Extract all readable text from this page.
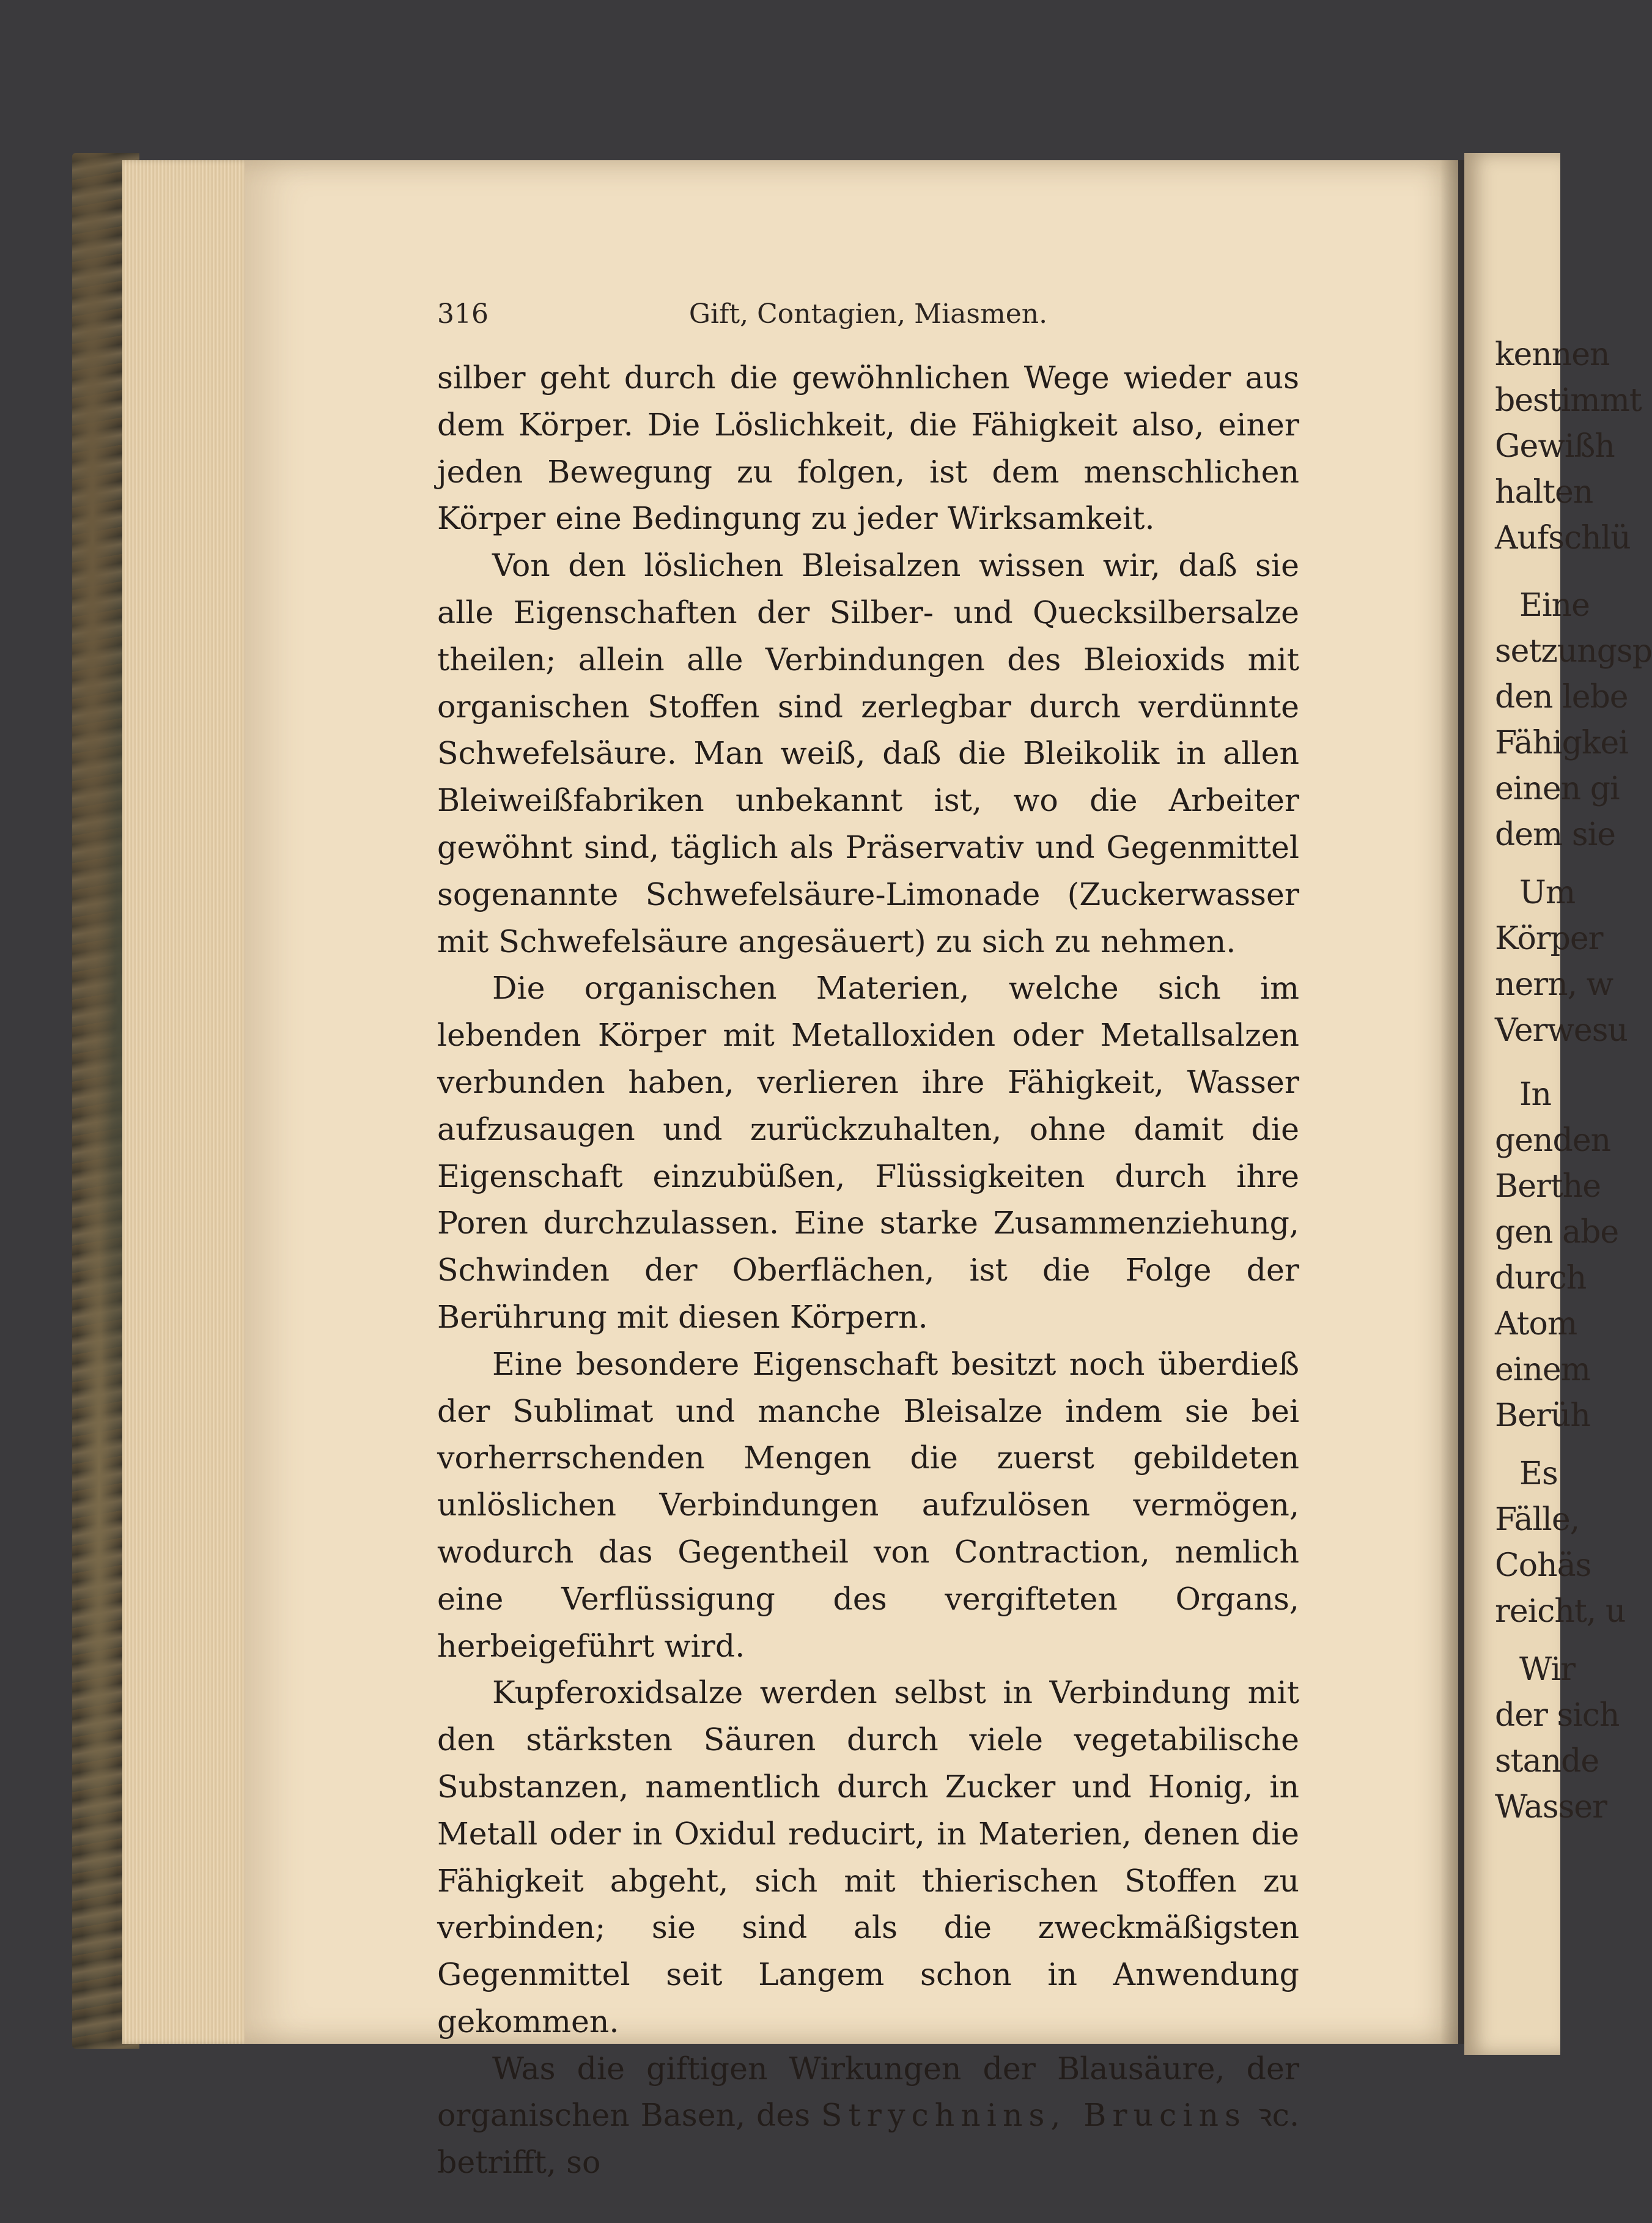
316	Gift, Contagien, Miasmen.

silber geht durch die gewöhnlichen Wege wieder aus dem Körper. Die Löslichkeit, die Fähigkeit also, einer jeden Bewegung zu folgen, ist dem menschlichen Körper eine Bedingung zu jeder Wirksamkeit.

Von den löslichen Bleisalzen wissen wir, daß sie alle Eigenschaften der Silber- und Quecksilbersalze theilen; allein alle Verbindungen des Bleioxids mit organischen Stoffen sind zerlegbar durch verdünnte Schwefelsäure. Man weiß, daß die Bleikolik in allen Bleiweißfabriken unbekannt ist, wo die Arbeiter gewöhnt sind, täglich als Präservativ und Gegenmittel sogenannte Schwefelsäure-Limonade (Zuckerwasser mit Schwefelsäure angesäuert) zu sich zu nehmen.

Die organischen Materien, welche sich im lebenden Körper mit Metalloxiden oder Metallsalzen verbunden haben, verlieren ihre Fähigkeit, Wasser aufzusaugen und zurückzuhalten, ohne damit die Eigenschaft einzubüßen, Flüssigkeiten durch ihre Poren durchzulassen. Eine starke Zusammenziehung, Schwinden der Oberflächen, ist die Folge der Berührung mit diesen Körpern.

Eine besondere Eigenschaft besitzt noch überdieß der Sublimat und manche Bleisalze indem sie bei vorherrschenden Mengen die zuerst gebildeten unlöslichen Verbindungen aufzulösen vermögen, wodurch das Gegentheil von Contraction, nemlich eine Verflüssigung des vergifteten Organs, herbeigeführt wird.

Kupferoxidsalze werden selbst in Verbindung mit den stärksten Säuren durch viele vegetabilische Substanzen, namentlich durch Zucker und Honig, in Metall oder in Oxidul reducirt, in Materien, denen die Fähigkeit abgeht, sich mit thierischen Stoffen zu verbinden; sie sind als die zweckmäßigsten Gegenmittel seit Langem schon in Anwendung gekommen.

Was die giftigen Wirkungen der Blausäure, der organischen Basen, des Strychnins, Brucins ꝛc. betrifft, so

kennen
bestimmt
Gewißh
halten
Aufschlü
Eine
setzungsp
den lebe
Fähigkei
einen gi
dem sie
Um
Körper
nern, w
Verwesu
In
genden
Berthe
gen abe
durch
Atom
einem
Berüh
Es
Fälle,
Cohäs
reicht, u
Wir
der sich
stande
Wasser
